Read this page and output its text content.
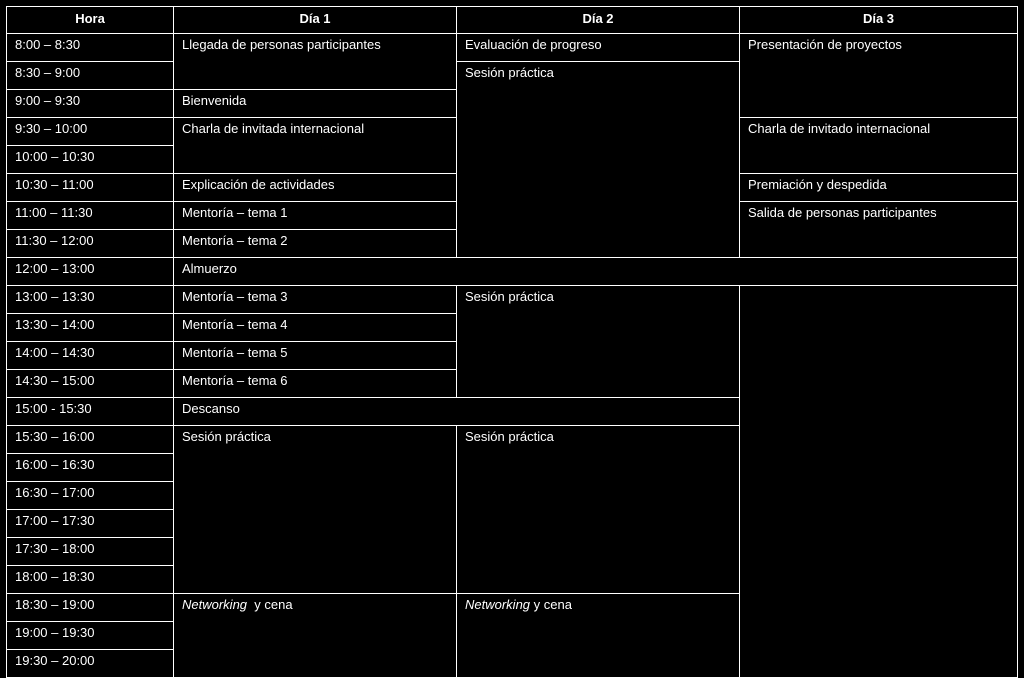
Hora	Día 1	Día 2	Día 3
8:00 – 8:30	Llegada de personas participantes	Evaluación de progreso	Presentación de proyectos
8:30 – 9:00		Sesión práctica	
9:00 – 9:30	Bienvenida		
9:30 – 10:00	Charla de invitada internacional		Charla de invitado internacional
10:00 – 10:30			
10:30 – 11:00	Explicación de actividades		Premiación y despedida
11:00 – 11:30	Mentoría – tema 1		Salida de personas participantes
11:30 – 12:00	Mentoría – tema 2		
12:00 – 13:00	Almuerzo		
13:00 – 13:30	Mentoría – tema 3	Sesión práctica	
13:30 – 14:00	Mentoría – tema 4		
14:00 – 14:30	Mentoría – tema 5		
14:30 – 15:00	Mentoría – tema 6		
15:00 - 15:30	Descanso		
15:30 – 16:00	Sesión práctica	Sesión práctica	
16:00 – 16:30			
16:30 – 17:00			
17:00 – 17:30			
17:30 – 18:00			
18:00 – 18:30			
18:30 – 19:00	Networking  y cena	Networking y cena	
19:00 – 19:30			
19:30 – 20:00			
